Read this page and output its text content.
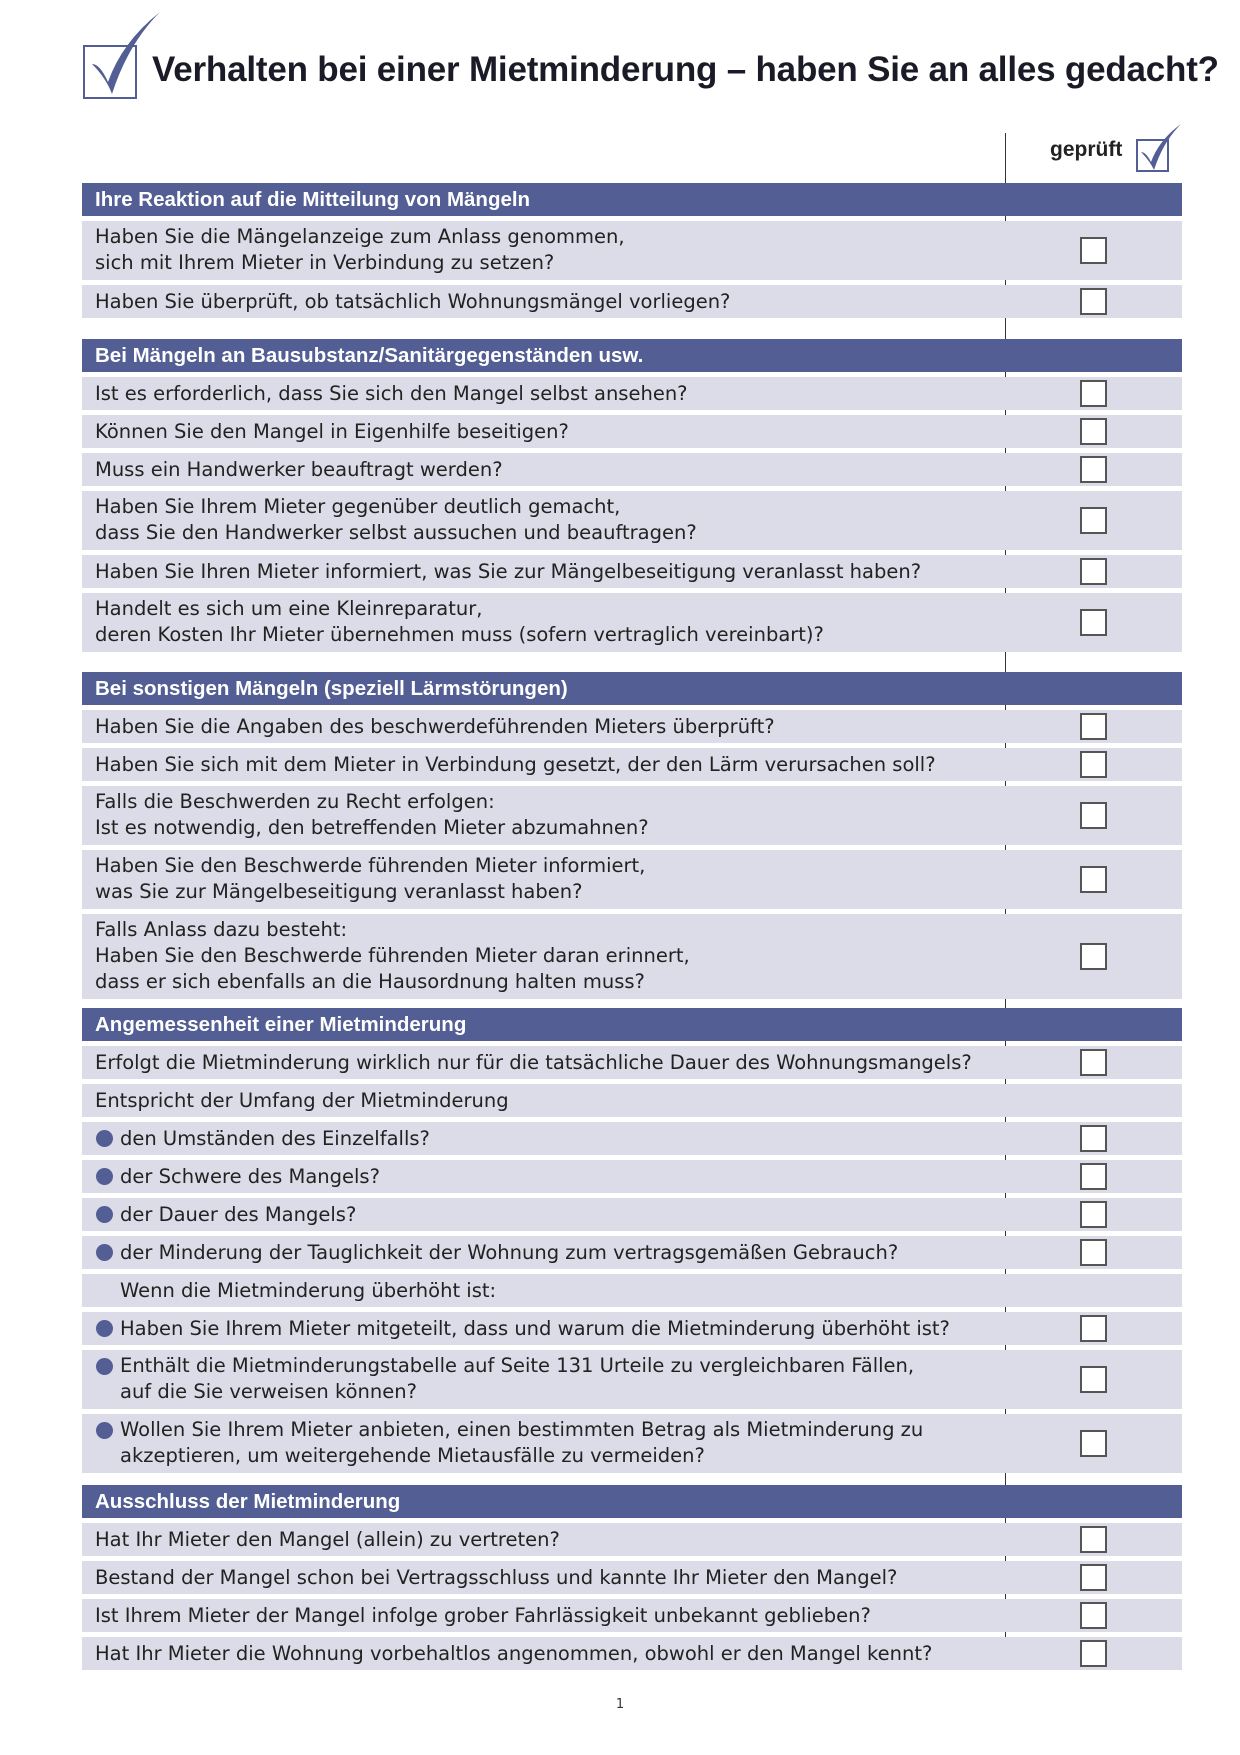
Verhalten bei einer Mietminderung – haben Sie an alles gedacht?
geprüft
Ihre Reaktion auf die Mitteilung von Mängeln
Haben Sie die Mängelanzeige zum Anlass genommen,
sich mit Ihrem Mieter in Verbindung zu setzen?
Haben Sie überprüft, ob tatsächlich Wohnungsmängel vorliegen?
Bei Mängeln an Bausubstanz/Sanitärgegenständen usw.
Ist es erforderlich, dass Sie sich den Mangel selbst ansehen?
Können Sie den Mangel in Eigenhilfe beseitigen?
Muss ein Handwerker beauftragt werden?
Haben Sie Ihrem Mieter gegenüber deutlich gemacht,
dass Sie den Handwerker selbst aussuchen und beauftragen?
Haben Sie Ihren Mieter informiert, was Sie zur Mängelbeseitigung veranlasst haben?
Handelt es sich um eine Kleinreparatur,
deren Kosten Ihr Mieter übernehmen muss (sofern vertraglich vereinbart)?
Bei sonstigen Mängeln (speziell Lärmstörungen)
Haben Sie die Angaben des beschwerdeführenden Mieters überprüft?
Haben Sie sich mit dem Mieter in Verbindung gesetzt, der den Lärm verursachen soll?
Falls die Beschwerden zu Recht erfolgen:
Ist es notwendig, den betreffenden Mieter abzumahnen?
Haben Sie den Beschwerde führenden Mieter informiert,
was Sie zur Mängelbeseitigung veranlasst haben?
Falls Anlass dazu besteht:
Haben Sie den Beschwerde führenden Mieter daran erinnert,
dass er sich ebenfalls an die Hausordnung halten muss?
Angemessenheit einer Mietminderung
Erfolgt die Mietminderung wirklich nur für die tatsächliche Dauer des Wohnungsmangels?
Entspricht der Umfang der Mietminderung
den Umständen des Einzelfalls?
der Schwere des Mangels?
der Dauer des Mangels?
der Minderung der Tauglichkeit der Wohnung zum vertragsgemäßen Gebrauch?
Wenn die Mietminderung überhöht ist:
Haben Sie Ihrem Mieter mitgeteilt, dass und warum die Mietminderung überhöht ist?
Enthält die Mietminderungstabelle auf Seite 131 Urteile zu vergleichbaren Fällen,
auf die Sie verweisen können?
Wollen Sie Ihrem Mieter anbieten, einen bestimmten Betrag als Mietminderung zu
akzeptieren, um weitergehende Mietausfälle zu vermeiden?
Ausschluss der Mietminderung
Hat Ihr Mieter den Mangel (allein) zu vertreten?
Bestand der Mangel schon bei Vertragsschluss und kannte Ihr Mieter den Mangel?
Ist Ihrem Mieter der Mangel infolge grober Fahrlässigkeit unbekannt geblieben?
Hat Ihr Mieter die Wohnung vorbehaltlos angenommen, obwohl er den Mangel kennt?
1
